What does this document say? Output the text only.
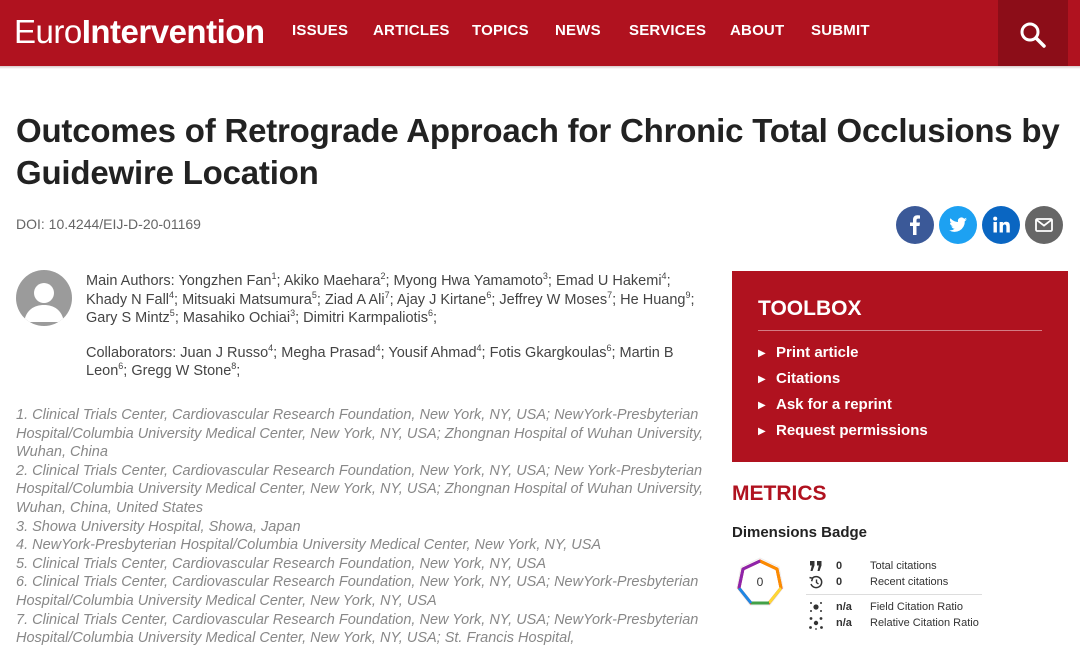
EuroIntervention ISSUES ARTICLES TOPICS NEWS SERVICES ABOUT SUBMIT
Outcomes of Retrograde Approach for Chronic Total Occlusions by Guidewire Location
DOI: 10.4244/EIJ-D-20-01169
Main Authors: Yongzhen Fan$^1$; Akiko Maehara$^2$; Myong Hwa Yamamoto$^3$; Emad U Hakemi$^4$; Khady N Fall$^4$; Mitsuaki Matsumura$^5$; Ziad A Ali$^7$; Ajay J Kirtane$^6$; Jeffrey W Moses$^7$; He Huang$^9$; Gary S Mintz$^5$; Masahiko Ochiai$^3$; Dimitri Karmpaliotis$^6$;
Collaborators: Juan J Russo$^4$; Megha Prasad$^4$; Yousif Ahmad$^4$; Fotis Gkargkoulas$^6$; Martin B Leon$^6$; Gregg W Stone$^8$;
1. Clinical Trials Center, Cardiovascular Research Foundation, New York, NY, USA; NewYork-Presbyterian Hospital/Columbia University Medical Center, New York, NY, USA; Zhongnan Hospital of Wuhan University, Wuhan, China
2. Clinical Trials Center, Cardiovascular Research Foundation, New York, NY, USA; New York-Presbyterian Hospital/Columbia University Medical Center, New York, NY, USA; Zhongnan Hospital of Wuhan University, Wuhan, China, United States
3. Showa University Hospital, Showa, Japan
4. NewYork-Presbyterian Hospital/Columbia University Medical Center, New York, NY, USA
5. Clinical Trials Center, Cardiovascular Research Foundation, New York, NY, USA
6. Clinical Trials Center, Cardiovascular Research Foundation, New York, NY, USA; NewYork-Presbyterian Hospital/Columbia University Medical Center, New York, NY, USA
7. Clinical Trials Center, Cardiovascular Research Foundation, New York, NY, USA; NewYork-Presbyterian Hospital/Columbia University Medical Center, New York, NY, USA; St. Francis Hospital,
TOOLBOX
▶ Print article
▶ Citations
▶ Ask for a reprint
▶ Request permissions
METRICS
Dimensions Badge
0
0	Total citations
0	Recent citations
n/a	Field Citation Ratio
n/a	Relative Citation Ratio
